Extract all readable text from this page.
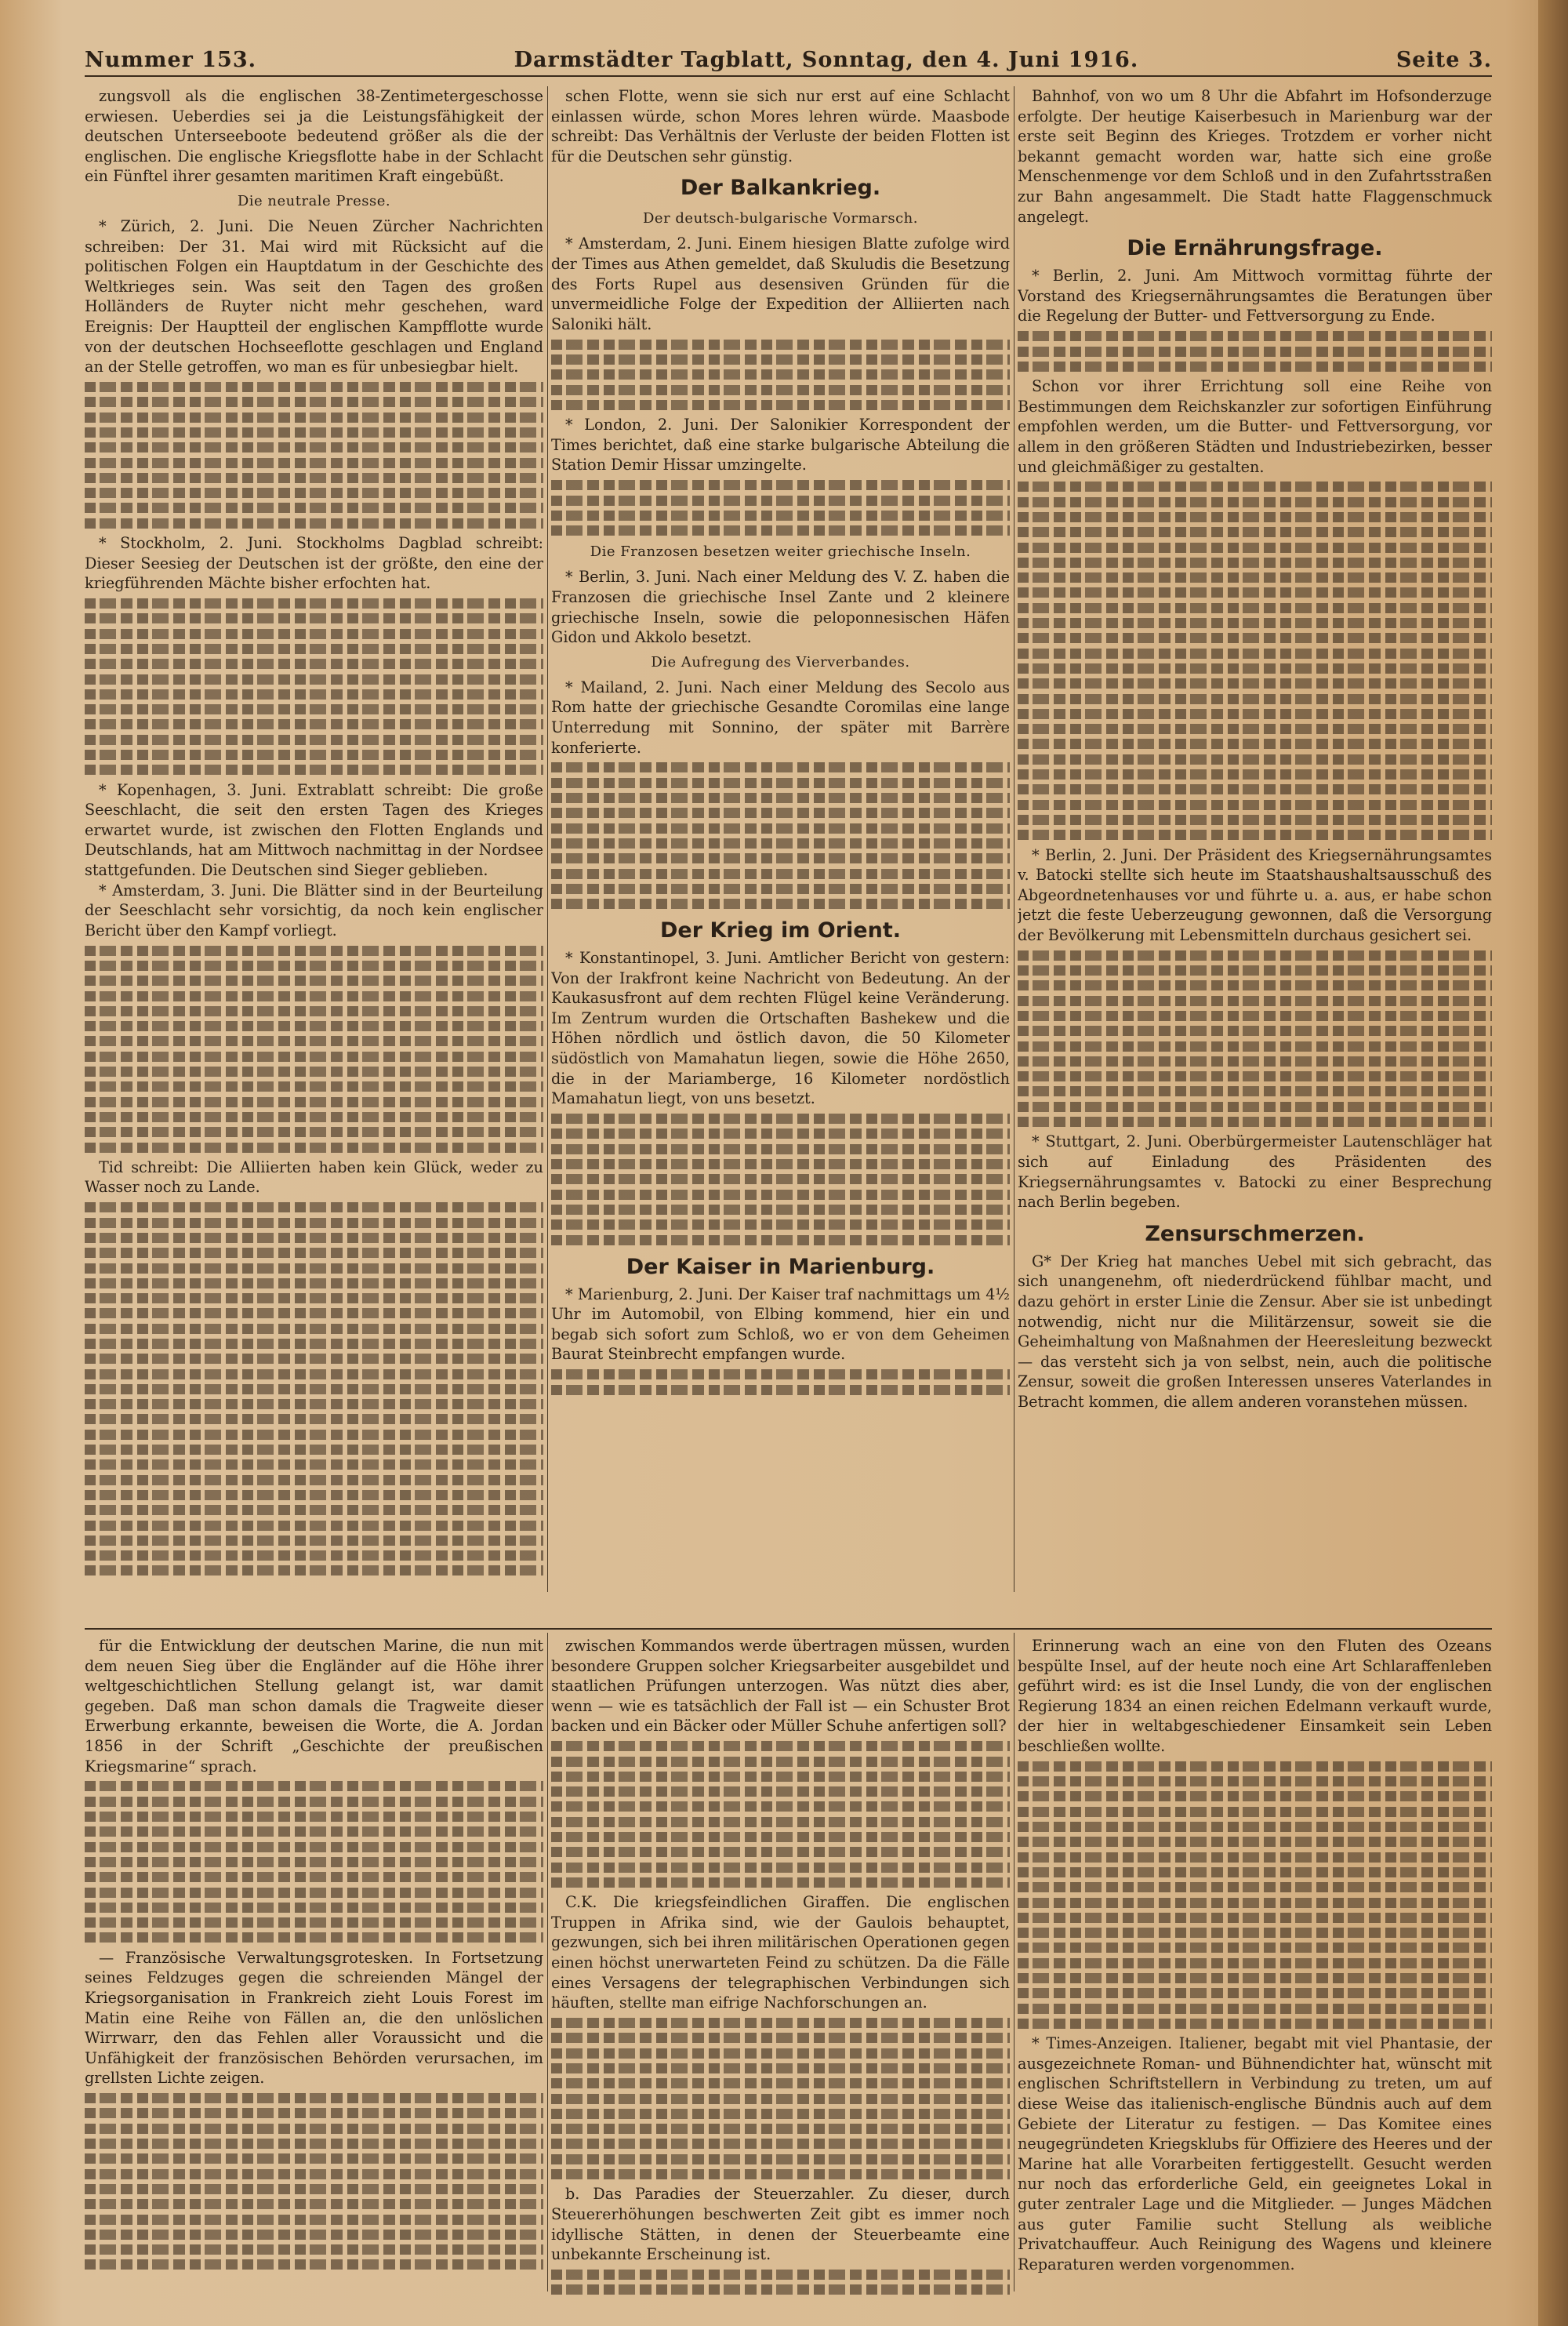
Nummer 153.	Darmstädter Tagblatt, Sonntag, den 4. Juni 1916.	Seite 3.

zungsvoll als die englischen 38-Zentimetergeschosse erwiesen. Ueberdies sei ja die Leistungsfähigkeit der deutschen Unterseeboote bedeutend größer als die der englischen. Die englische Kriegsflotte habe in der Schlacht ein Fünftel ihrer gesamten maritimen Kraft eingebüßt.

Die neutrale Presse.

* Zürich, 2. Juni. Die Neuen Zürcher Nachrichten schreiben: Der 31. Mai wird mit Rücksicht auf die politischen Folgen ein Hauptdatum in der Geschichte des Weltkrieges sein. Was seit den Tagen des großen Holländers de Ruyter nicht mehr geschehen, ward Ereignis: Der Hauptteil der englischen Kampfflotte wurde von der deutschen Hochseeflotte geschlagen und England an der Stelle getroffen, wo man es für unbesiegbar hielt.

* Stockholm, 2. Juni. Stockholms Dagblad schreibt: Dieser Seesieg der Deutschen ist der größte, den eine der kriegführenden Mächte bisher erfochten hat.

* Kopenhagen, 3. Juni. Extrablatt schreibt: Die große Seeschlacht, die seit den ersten Tagen des Krieges erwartet wurde, ist zwischen den Flotten Englands und Deutschlands, hat am Mittwoch nachmittag in der Nordsee stattgefunden. Die Deutschen sind Sieger geblieben.

* Amsterdam, 3. Juni. Die Blätter sind in der Beurteilung der Seeschlacht sehr vorsichtig, da noch kein englischer Bericht über den Kampf vorliegt.

Tid schreibt: Die Alliierten haben kein Glück, weder zu Wasser noch zu Lande.

schen Flotte, wenn sie sich nur erst auf eine Schlacht einlassen würde, schon Mores lehren würde. Maasbode schreibt: Das Verhältnis der Verluste der beiden Flotten ist für die Deutschen sehr günstig.

Der Balkankrieg.
Der deutsch-bulgarische Vormarsch.

* Amsterdam, 2. Juni. Einem hiesigen Blatte zufolge wird der Times aus Athen gemeldet, daß Skuludis die Besetzung des Forts Rupel aus desensiven Gründen für die unvermeidliche Folge der Expedition der Alliierten nach Saloniki hält.

* London, 2. Juni. Der Salonikier Korrespondent der Times berichtet, daß eine starke bulgarische Abteilung die Station Demir Hissar umzingelte.

Die Franzosen besetzen weiter griechische Inseln.

* Berlin, 3. Juni. Nach einer Meldung des V. Z. haben die Franzosen die griechische Insel Zante und 2 kleinere griechische Inseln, sowie die peloponnesischen Häfen Gidon und Akkolo besetzt.

Die Aufregung des Vierverbandes.

* Mailand, 2. Juni. Nach einer Meldung des Secolo aus Rom hatte der griechische Gesandte Coromilas eine lange Unterredung mit Sonnino, der später mit Barrère konferierte.

Der Krieg im Orient.

* Konstantinopel, 3. Juni. Amtlicher Bericht von gestern: Von der Irakfront keine Nachricht von Bedeutung. An der Kaukasusfront auf dem rechten Flügel keine Veränderung. Im Zentrum wurden die Ortschaften Bashekew und die Höhen nördlich und östlich davon, die 50 Kilometer südöstlich von Mamahatun liegen, sowie die Höhe 2650, die in der Mariamberge, 16 Kilometer nordöstlich Mamahatun liegt, von uns besetzt.

Der Kaiser in Marienburg.

* Marienburg, 2. Juni. Der Kaiser traf nachmittags um 4½ Uhr im Automobil, von Elbing kommend, hier ein und begab sich sofort zum Schloß, wo er von dem Geheimen Baurat Steinbrecht empfangen wurde.

Bahnhof, von wo um 8 Uhr die Abfahrt im Hofsonderzuge erfolgte. Der heutige Kaiserbesuch in Marienburg war der erste seit Beginn des Krieges. Trotzdem er vorher nicht bekannt gemacht worden war, hatte sich eine große Menschenmenge vor dem Schloß und in den Zufahrtsstraßen zur Bahn angesammelt. Die Stadt hatte Flaggenschmuck angelegt.

Die Ernährungsfrage.

* Berlin, 2. Juni. Am Mittwoch vormittag führte der Vorstand des Kriegsernährungsamtes die Beratungen über die Regelung der Butter- und Fettversorgung zu Ende.

Schon vor ihrer Errichtung soll eine Reihe von Bestimmungen dem Reichskanzler zur sofortigen Einführung empfohlen werden, um die Butter- und Fettversorgung, vor allem in den größeren Städten und Industriebezirken, besser und gleichmäßiger zu gestalten.

* Berlin, 2. Juni. Der Präsident des Kriegsernährungsamtes v. Batocki stellte sich heute im Staatshaushaltsausschuß des Abgeordnetenhauses vor und führte u. a. aus, er habe schon jetzt die feste Ueberzeugung gewonnen, daß die Versorgung der Bevölkerung mit Lebensmitteln durchaus gesichert sei.

* Stuttgart, 2. Juni. Oberbürgermeister Lautenschläger hat sich auf Einladung des Präsidenten des Kriegsernährungsamtes v. Batocki zu einer Besprechung nach Berlin begeben.

Zensurschmerzen.

G* Der Krieg hat manches Uebel mit sich gebracht, das sich unangenehm, oft niederdrückend fühlbar macht, und dazu gehört in erster Linie die Zensur. Aber sie ist unbedingt notwendig, nicht nur die Militärzensur, soweit sie die Geheimhaltung von Maßnahmen der Heeresleitung bezweckt — das versteht sich ja von selbst, nein, auch die politische Zensur, soweit die großen Interessen unseres Vaterlandes in Betracht kommen, die allem anderen voranstehen müssen.

für die Entwicklung der deutschen Marine, die nun mit dem neuen Sieg über die Engländer auf die Höhe ihrer weltgeschichtlichen Stellung gelangt ist, war damit gegeben. Daß man schon damals die Tragweite dieser Erwerbung erkannte, beweisen die Worte, die A. Jordan 1856 in der Schrift „Geschichte der preußischen Kriegsmarine“ sprach.

— Französische Verwaltungsgrotesken. In Fortsetzung seines Feldzuges gegen die schreienden Mängel der Kriegsorganisation in Frankreich zieht Louis Forest im Matin eine Reihe von Fällen an, die den unlöslichen Wirrwarr, den das Fehlen aller Voraussicht und die Unfähigkeit der französischen Behörden verursachen, im grellsten Lichte zeigen.

zwischen Kommandos werde übertragen müssen, wurden besondere Gruppen solcher Kriegsarbeiter ausgebildet und staatlichen Prüfungen unterzogen. Was nützt dies aber, wenn — wie es tatsächlich der Fall ist — ein Schuster Brot backen und ein Bäcker oder Müller Schuhe anfertigen soll?

C.K. Die kriegsfeindlichen Giraffen. Die englischen Truppen in Afrika sind, wie der Gaulois behauptet, gezwungen, sich bei ihren militärischen Operationen gegen einen höchst unerwarteten Feind zu schützen. Da die Fälle eines Versagens der telegraphischen Verbindungen sich häuften, stellte man eifrige Nachforschungen an.

b. Das Paradies der Steuerzahler. Zu dieser, durch Steuererhöhungen beschwerten Zeit gibt es immer noch idyllische Stätten, in denen der Steuerbeamte eine unbekannte Erscheinung ist.

Erinnerung wach an eine von den Fluten des Ozeans bespülte Insel, auf der heute noch eine Art Schlaraffenleben geführt wird: es ist die Insel Lundy, die von der englischen Regierung 1834 an einen reichen Edelmann verkauft wurde, der hier in weltabgeschiedener Einsamkeit sein Leben beschließen wollte.

* Times-Anzeigen. Italiener, begabt mit viel Phantasie, der ausgezeichnete Roman- und Bühnendichter hat, wünscht mit englischen Schriftstellern in Verbindung zu treten, um auf diese Weise das italienisch-englische Bündnis auch auf dem Gebiete der Literatur zu festigen. — Das Komitee eines neugegründeten Kriegsklubs für Offiziere des Heeres und der Marine hat alle Vorarbeiten fertiggestellt. Gesucht werden nur noch das erforderliche Geld, ein geeignetes Lokal in guter zentraler Lage und die Mitglieder. — Junges Mädchen aus guter Familie sucht Stellung als weibliche Privatchauffeur. Auch Reinigung des Wagens und kleinere Reparaturen werden vorgenommen.
